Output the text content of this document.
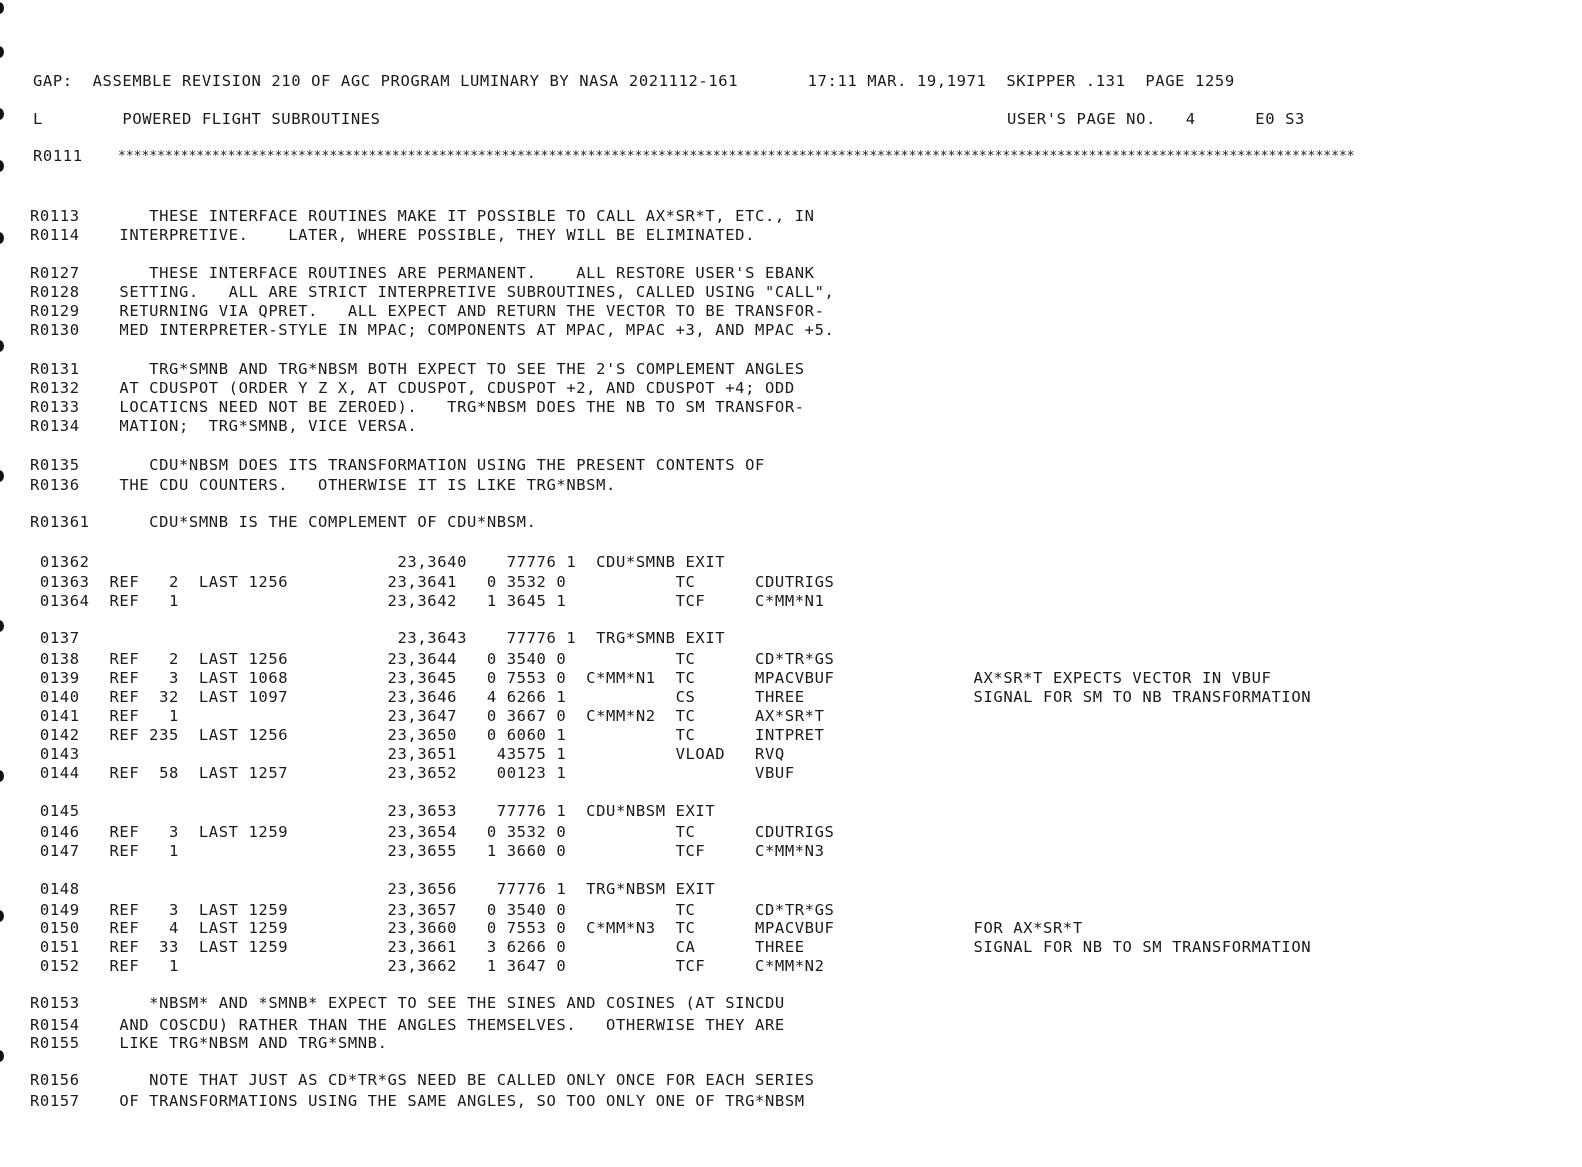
GAP:  ASSEMBLE REVISION 210 OF AGC PROGRAM LUMINARY BY NASA 2021112-161       17:11 MAR. 19,1971  SKIPPER .131  PAGE 1259
L        POWERED FLIGHT SUBROUTINES	USER'S PAGE NO.   4      E0 S3
R0111	**************************************************************************************************************************************************************
R0113       THESE INTERFACE ROUTINES MAKE IT POSSIBLE TO CALL AX*SR*T, ETC., IN
R0114    INTERPRETIVE.    LATER, WHERE POSSIBLE, THEY WILL BE ELIMINATED.
R0127       THESE INTERFACE ROUTINES ARE PERMANENT.    ALL RESTORE USER'S EBANK
R0128    SETTING.   ALL ARE STRICT INTERPRETIVE SUBROUTINES, CALLED USING "CALL",
R0129    RETURNING VIA QPRET.   ALL EXPECT AND RETURN THE VECTOR TO BE TRANSFOR-
R0130    MED INTERPRETER-STYLE IN MPAC; COMPONENTS AT MPAC, MPAC +3, AND MPAC +5.
R0131       TRG*SMNB AND TRG*NBSM BOTH EXPECT TO SEE THE 2'S COMPLEMENT ANGLES
R0132    AT CDUSPOT (ORDER Y Z X, AT CDUSPOT, CDUSPOT +2, AND CDUSPOT +4; ODD
R0133    LOCATICNS NEED NOT BE ZEROED).   TRG*NBSM DOES THE NB TO SM TRANSFOR-
R0134    MATION;  TRG*SMNB, VICE VERSA.
R0135       CDU*NBSM DOES ITS TRANSFORMATION USING THE PRESENT CONTENTS OF
R0136    THE CDU COUNTERS.   OTHERWISE IT IS LIKE TRG*NBSM.
R01361      CDU*SMNB IS THE COMPLEMENT OF CDU*NBSM.
01362                               23,3640    77776 1  CDU*SMNB EXIT
01363  REF   2  LAST 1256          23,3641   0 3532 0           TC      CDUTRIGS
01364  REF   1                     23,3642   1 3645 1           TCF     C*MM*N1
0137                                23,3643    77776 1  TRG*SMNB EXIT
0138   REF   2  LAST 1256          23,3644   0 3540 0           TC      CD*TR*GS
0139   REF   3  LAST 1068          23,3645   0 7553 0  C*MM*N1  TC      MPACVBUF              AX*SR*T EXPECTS VECTOR IN VBUF
0140   REF  32  LAST 1097          23,3646   4 6266 1           CS      THREE                 SIGNAL FOR SM TO NB TRANSFORMATION
0141   REF   1                     23,3647   0 3667 0  C*MM*N2  TC      AX*SR*T
0142   REF 235  LAST 1256          23,3650   0 6060 1           TC      INTPRET
0143                               23,3651    43575 1           VLOAD   RVQ
0144   REF  58  LAST 1257          23,3652    00123 1                   VBUF
0145                               23,3653    77776 1  CDU*NBSM EXIT
0146   REF   3  LAST 1259          23,3654   0 3532 0           TC      CDUTRIGS
0147   REF   1                     23,3655   1 3660 0           TCF     C*MM*N3
0148                               23,3656    77776 1  TRG*NBSM EXIT
0149   REF   3  LAST 1259          23,3657   0 3540 0           TC      CD*TR*GS
0150   REF   4  LAST 1259          23,3660   0 7553 0  C*MM*N3  TC      MPACVBUF              FOR AX*SR*T
0151   REF  33  LAST 1259          23,3661   3 6266 0           CA      THREE                 SIGNAL FOR NB TO SM TRANSFORMATION
0152   REF   1                     23,3662   1 3647 0           TCF     C*MM*N2
R0153       *NBSM* AND *SMNB* EXPECT TO SEE THE SINES AND COSINES (AT SINCDU
R0154    AND COSCDU) RATHER THAN THE ANGLES THEMSELVES.   OTHERWISE THEY ARE
R0155    LIKE TRG*NBSM AND TRG*SMNB.
R0156       NOTE THAT JUST AS CD*TR*GS NEED BE CALLED ONLY ONCE FOR EACH SERIES
R0157    OF TRANSFORMATIONS USING THE SAME ANGLES, SO TOO ONLY ONE OF TRG*NBSM
